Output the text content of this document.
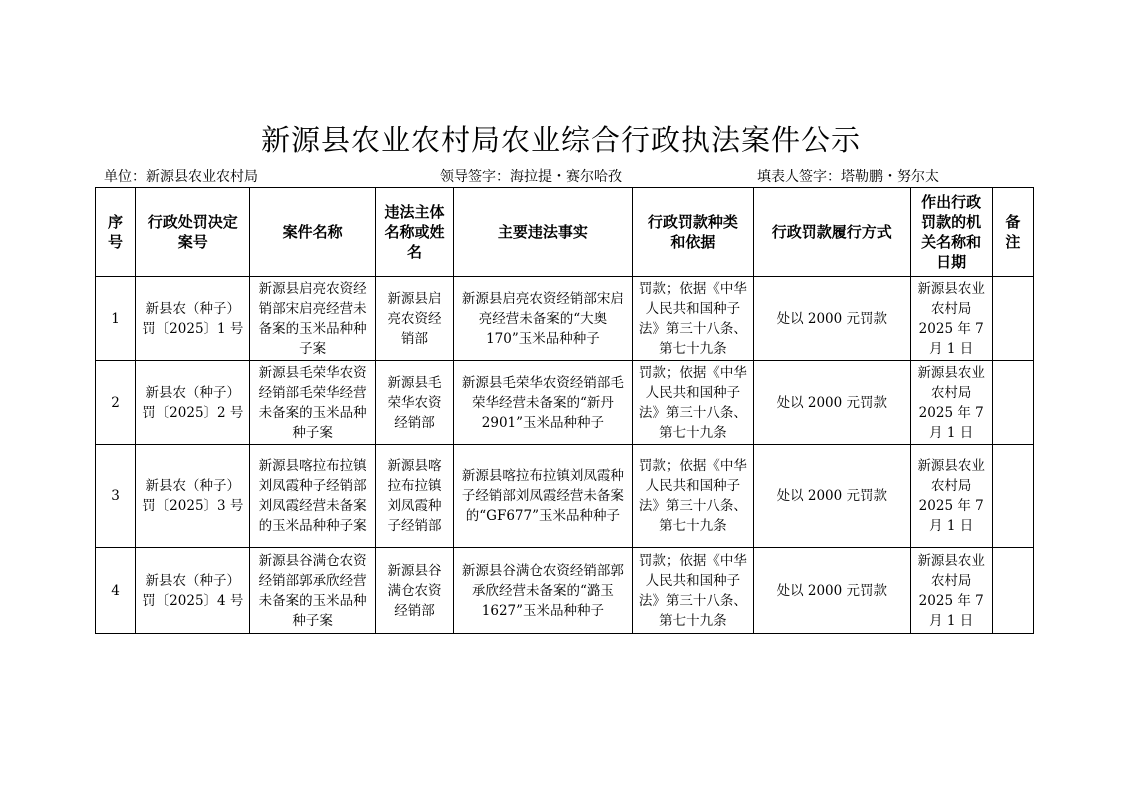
新源县农业农村局农业综合行政执法案件公示
单位：新源县农业农村局	领导签字：海拉提・赛尔哈孜	填表人签字：塔勒鹏・努尔太
序号	行政处罚决定案号	案件名称	违法主体名称或姓名	主要违法事实	行政罚款种类和依据	行政罚款履行方式	作出行政罚款的机关名称和日期	备注
1	新县农（种子）罚〔2025〕1 号	新源县启亮农资经销部宋启亮经营未备案的玉米品种种子案	新源县启亮农资经销部	新源县启亮农资经销部宋启亮经营未备案的“大奥170”玉米品种种子	罚款；依据《中华人民共和国种子法》第三十八条、第七十九条	处以 2000 元罚款	新源县农业农村局2025 年 7月 1 日	
2	新县农（种子）罚〔2025〕2 号	新源县毛荣华农资经销部毛荣华经营未备案的玉米品种种子案	新源县毛荣华农资经销部	新源县毛荣华农资经销部毛荣华经营未备案的“新丹 2901”玉米品种种子	罚款；依据《中华人民共和国种子法》第三十八条、第七十九条	处以 2000 元罚款	新源县农业农村局2025 年 7月 1 日	
3	新县农（种子）罚〔2025〕3 号	新源县喀拉布拉镇刘凤霞种子经销部刘凤霞经营未备案的玉米品种种子案	新源县喀拉布拉镇刘凤霞种子经销部	新源县喀拉布拉镇刘凤霞种子经销部刘凤霞经营未备案的“GF677”玉米品种种子	罚款；依据《中华人民共和国种子法》第三十八条、第七十九条	处以 2000 元罚款	新源县农业农村局2025 年 7月 1 日	
4	新县农（种子）罚〔2025〕4 号	新源县谷满仓农资经销部郭承欣经营未备案的玉米品种种子案	新源县谷满仓农资经销部	新源县谷满仓农资经销部郭承欣经营未备案的“潞玉 1627”玉米品种种子	罚款；依据《中华人民共和国种子法》第三十八条、第七十九条	处以 2000 元罚款	新源县农业农村局2025 年 7月 1 日	
